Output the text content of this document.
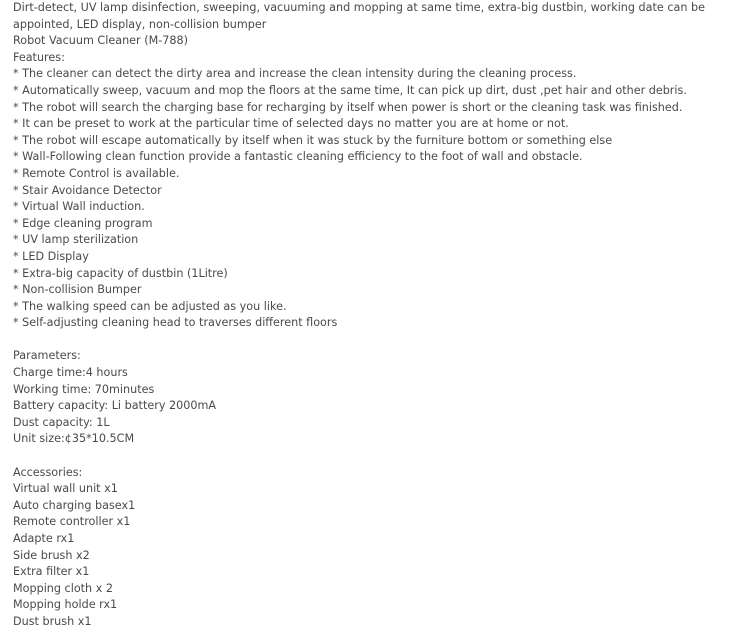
Dirt-detect, UV lamp disinfection, sweeping, vacuuming and mopping at same time, extra-big dustbin, working date can be

appointed, LED display, non-collision bumper

Robot Vacuum Cleaner (M-788)

Features:

* The cleaner can detect the dirty area and increase the clean intensity during the cleaning process.
* Automatically sweep, vacuum and mop the floors at the same time, It can pick up dirt, dust ,pet hair and other debris.
* The robot will search the charging base for recharging by itself when power is short or the cleaning task was finished.
* It can be preset to work at the particular time of selected days no matter you are at home or not.
* The robot will escape automatically by itself when it was stuck by the furniture bottom or something else
* Wall-Following clean function provide a fantastic cleaning efficiency to the foot of wall and obstacle.
* Remote Control is available.
* Stair Avoidance Detector
* Virtual Wall induction.
* Edge cleaning program
* UV lamp sterilization
* LED Display
* Extra-big capacity of dustbin (1Litre)
* Non-collision Bumper
* The walking speed can be adjusted as you like.
* Self-adjusting cleaning head to traverses different floors

Parameters:

Charge time:4 hours
Working time: 70minutes
Battery capacity: Li battery 2000mA
Dust capacity: 1L
Unit size:¢35*10.5CM

Accessories:

Virtual wall unit x1
Auto charging basex1
Remote controller x1
Adapte rx1
Side brush x2
Extra filter x1
Mopping cloth x 2
Mopping holde rx1
Dust brush x1
